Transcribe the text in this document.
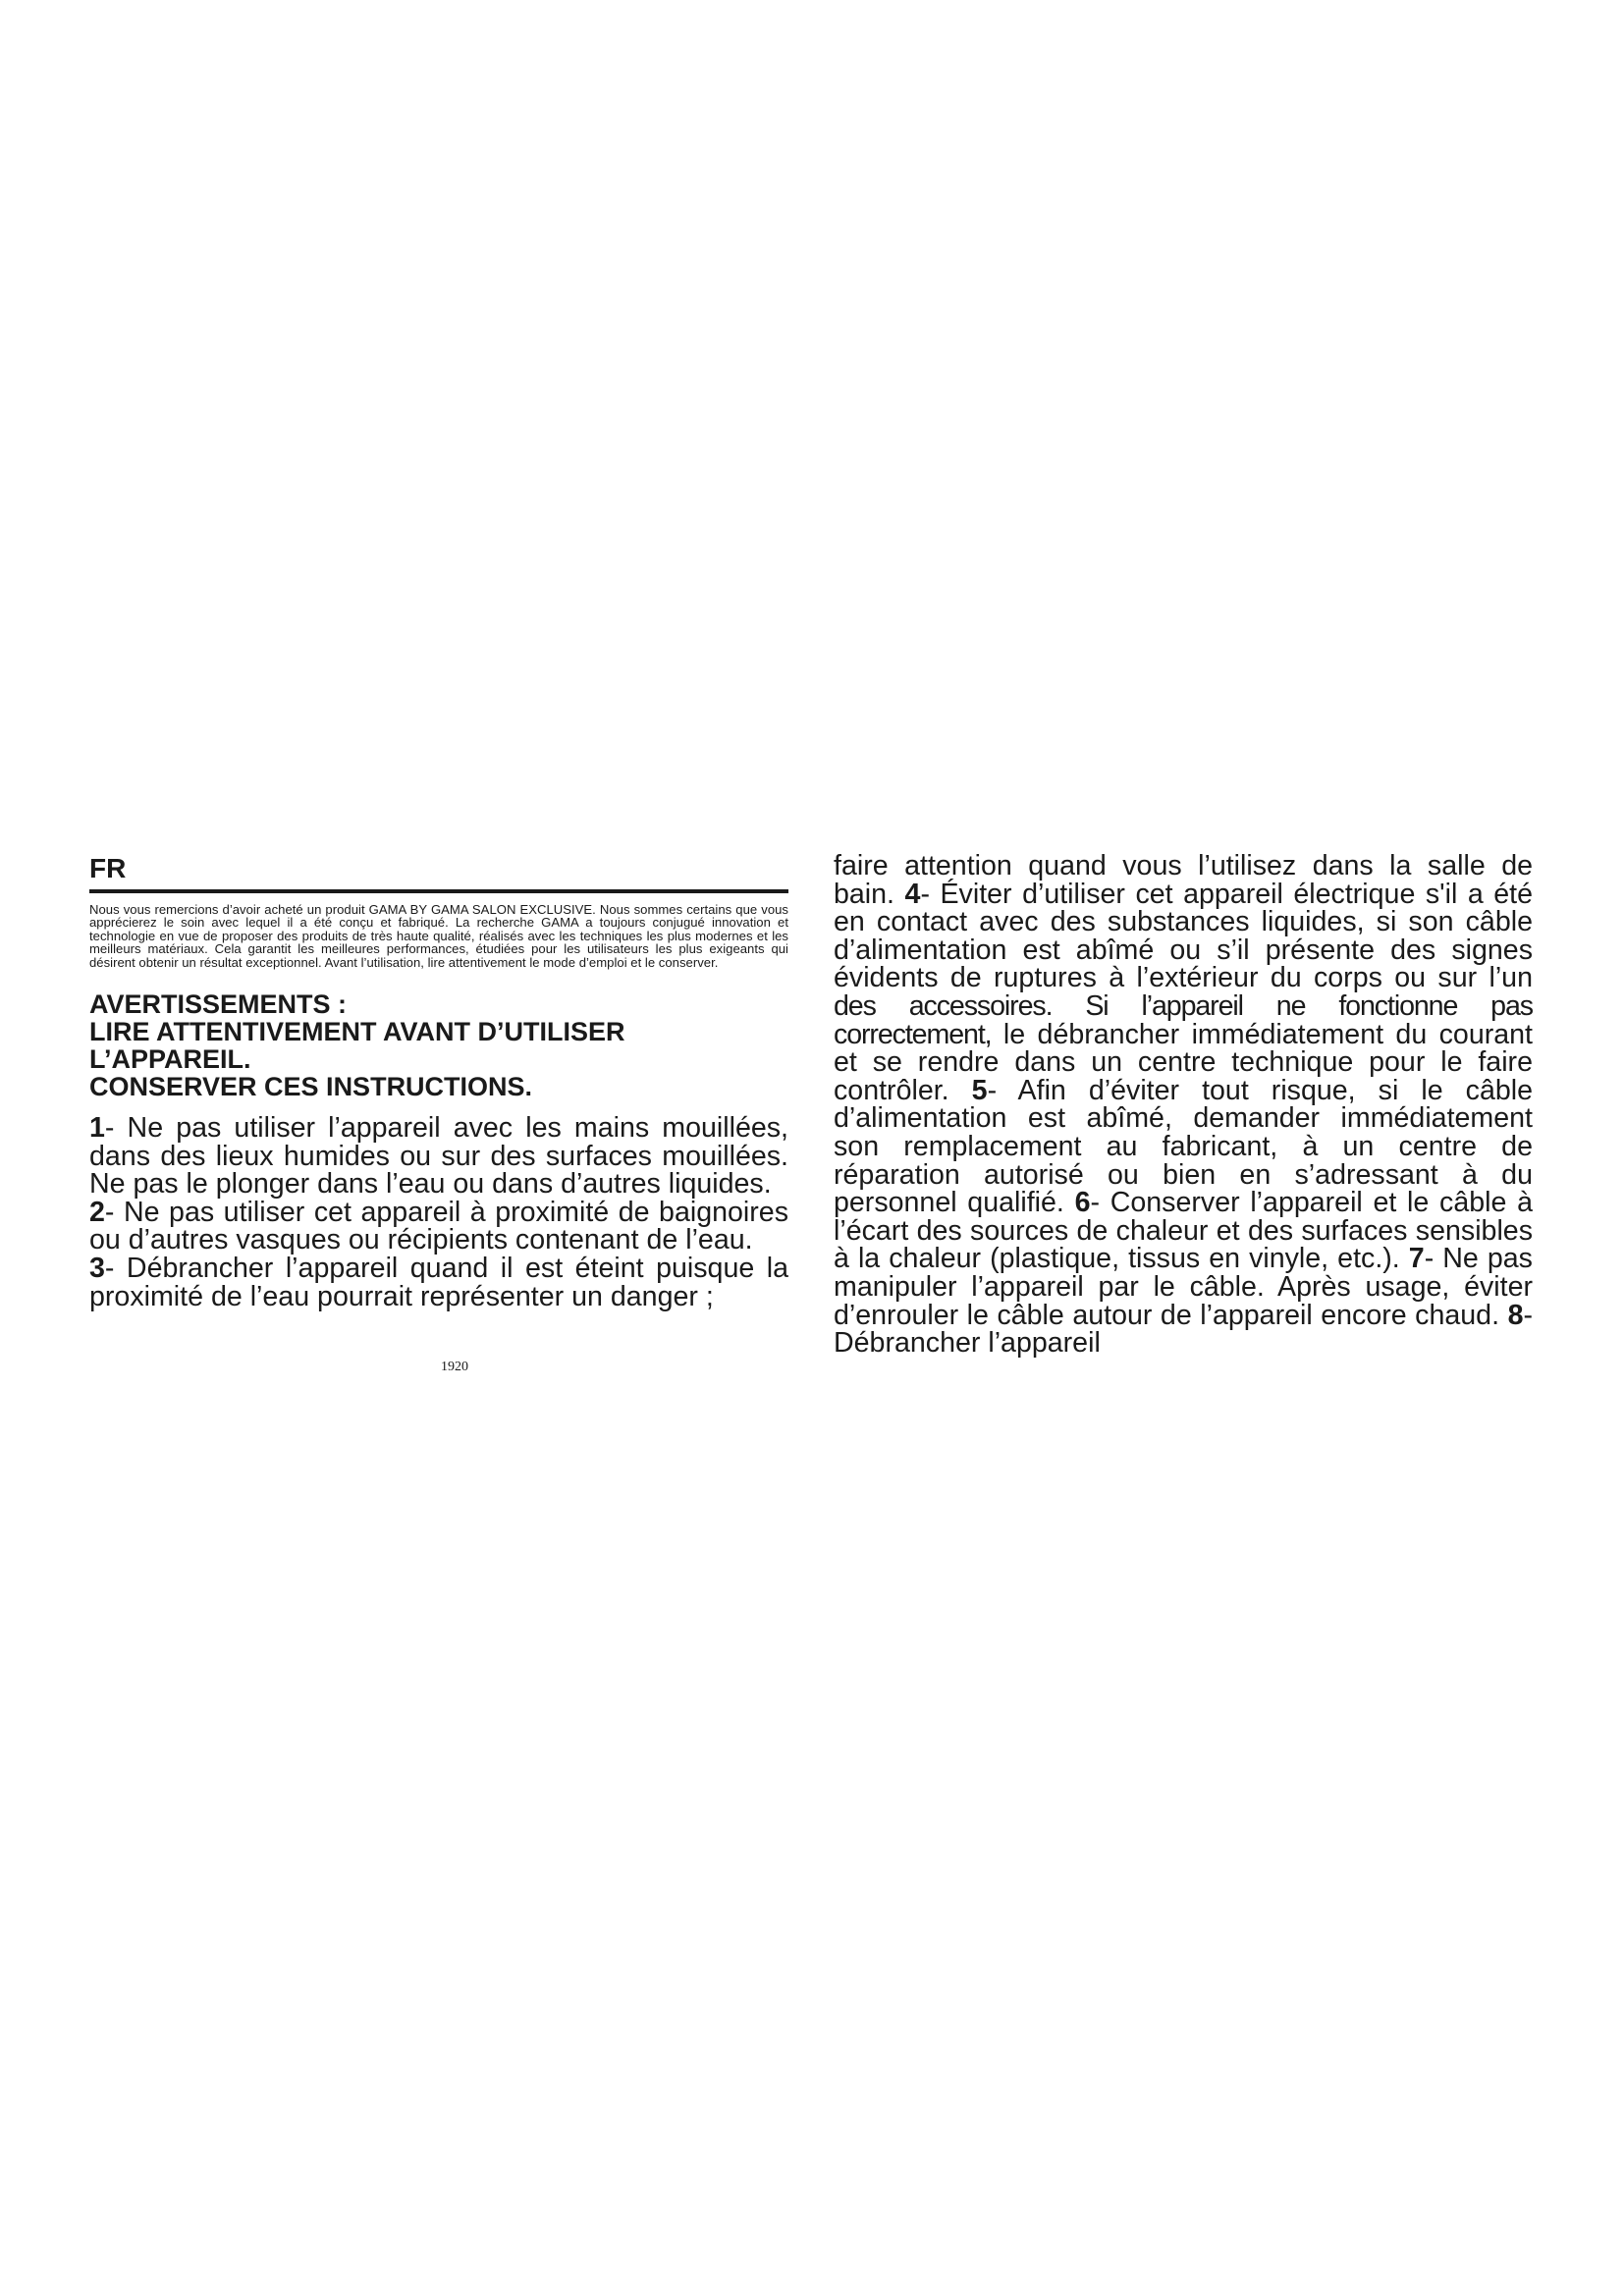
FR

Nous vous remercions d’avoir acheté un produit GAMA BY GAMA SALON EXCLUSIVE. Nous sommes certains que vous apprécierez le soin avec lequel il a été conçu et fabriqué. La recherche GAMA a toujours conjugué innovation et technologie en vue de proposer des produits de très haute qualité, réalisés avec les techniques les plus modernes et les meilleurs matériaux. Cela garantit les meilleures performances, étudiées pour les utilisateurs les plus exigeants qui désirent obtenir un résultat exceptionnel. Avant l’utilisation, lire attentivement le mode d’emploi et le conserver.

AVERTISSEMENTS :

LIRE ATTENTIVEMENT AVANT D’UTILISER

L’APPAREIL.

CONSERVER CES INSTRUCTIONS.

1- Ne pas utiliser l’appareil avec les mains mouillées, dans des lieux humides ou sur des surfaces mouillées. Ne pas le plonger dans l’eau ou dans d’autres liquides.

2- Ne pas utiliser cet appareil à proximité de baignoires ou d’autres vasques ou récipients contenant de l’eau.

3- Débrancher l’appareil quand il est éteint puisque la proximité de l’eau pourrait représenter un danger ;

1920

faire attention quand vous l’utilisez dans la salle de bain. 4- Éviter d’utiliser cet appareil électrique s'il a été en contact avec des substances liquides, si son câble d’alimentation est abîmé ou s’il présente des signes évidents de ruptures à l’extérieur du corps ou sur l’un des accessoires. Si l’appareil ne fonctionne pas correctement, le débrancher immédiatement du courant et se rendre dans un centre technique pour le faire contrôler. 5- Afin d’éviter tout risque, si le câble d’alimentation est abîmé, demander immédiatement son remplacement au fabricant, à un centre de réparation autorisé ou bien en s’adressant à du personnel qualifié. 6- Conserver l’appareil et le câble à l’écart des sources de chaleur et des surfaces sensibles à la chaleur (plastique, tissus en vinyle, etc.). 7- Ne pas manipuler l’appareil par le câble. Après usage, éviter d’enrouler le câble autour de l’appareil encore chaud. 8- Débrancher l’appareil
